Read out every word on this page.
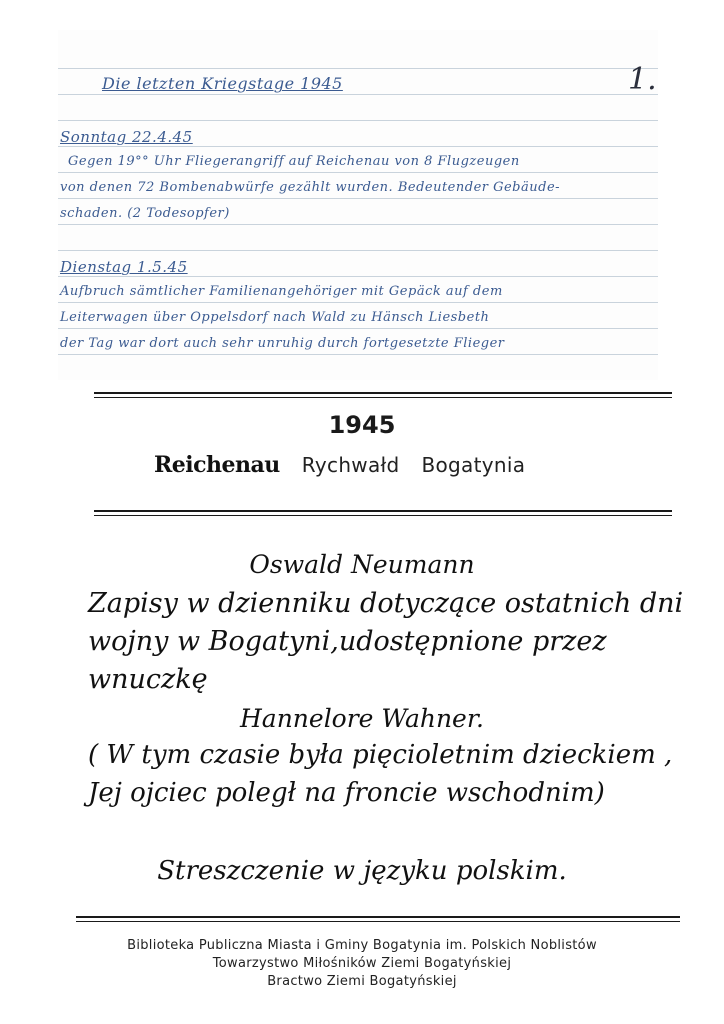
1.
Die letzten Kriegstage 1945
Sonntag 22.4.45
Gegen 19°° Uhr Fliegerangriff auf Reichenau von 8 Flugzeugen
von denen 72 Bombenabwürfe gezählt wurden. Bedeutender Gebäude-
schaden. (2 Todesopfer)
Dienstag 1.5.45
Aufbruch sämtlicher Familienangehöriger mit Gepäck auf dem
Leiterwagen über Oppelsdorf nach Wald zu Hänsch Liesbeth
der Tag war dort auch sehr unruhig durch fortgesetzte Flieger
1945
Reichenau Rychwałd Bogatynia
Oswald Neumann
Zapisy w dzienniku dotyczące ostatnich dni
wojny w Bogatyni,udostępnione przez
wnuczkę
Hannelore Wahner.
( W tym czasie była pięcioletnim dzieckiem ,
Jej ojciec poległ na froncie wschodnim)
Streszczenie w języku polskim.
Biblioteka Publiczna Miasta i Gminy Bogatynia im. Polskich Noblistów
Towarzystwo Miłośników Ziemi Bogatyńskiej
Bractwo Ziemi Bogatyńskiej
